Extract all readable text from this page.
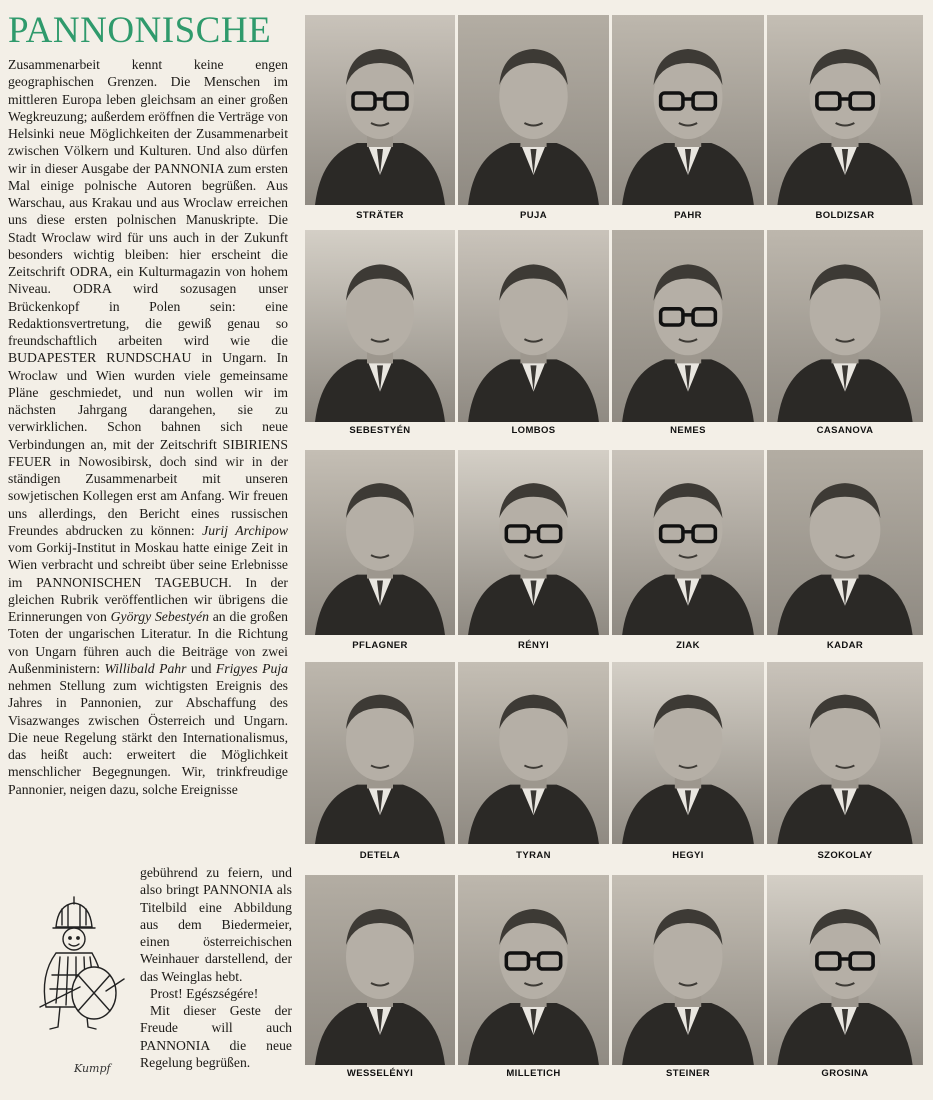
PANNONISCHE

Zusammenarbeit kennt keine engen geographischen Grenzen. Die Menschen im mittleren Europa leben gleichsam an einer großen Wegkreuzung; außerdem eröffnen die Verträge von Helsinki neue Möglichkeiten der Zusammenarbeit zwischen Völkern und Kulturen. Und also dürfen wir in dieser Ausgabe der PANNONIA zum ersten Mal einige polnische Autoren begrüßen. Aus Warschau, aus Krakau und aus Wroclaw erreichen uns diese ersten polnischen Manuskripte. Die Stadt Wroclaw wird für uns auch in der Zukunft besonders wichtig bleiben: hier erscheint die Zeitschrift ODRA, ein Kulturmagazin von hohem Niveau. ODRA wird sozusagen unser Brückenkopf in Polen sein: eine Redaktionsvertretung, die gewiß genau so freundschaftlich arbeiten wird wie die BUDAPESTER RUNDSCHAU in Ungarn. In Wroclaw und Wien wurden viele gemeinsame Pläne geschmiedet, und nun wollen wir im nächsten Jahrgang darangehen, sie zu verwirklichen. Schon bahnen sich neue Verbindungen an, mit der Zeitschrift SIBIRIENS FEUER in Nowosibirsk, doch sind wir in der ständigen Zusammenarbeit mit unseren sowjetischen Kollegen erst am Anfang. Wir freuen uns allerdings, den Bericht eines russischen Freundes abdrucken zu können: Jurij Archipow vom Gorkij-Institut in Moskau hatte einige Zeit in Wien verbracht und schreibt über seine Erlebnisse im PANNONISCHEN TAGEBUCH. In der gleichen Rubrik veröffentlichen wir übrigens die Erinnerungen von György Sebestyén an die großen Toten der ungarischen Literatur. In die Richtung von Ungarn führen auch die Beiträge von zwei Außenministern: Willibald Pahr und Frigyes Puja nehmen Stellung zum wichtigsten Ereignis des Jahres in Pannonien, zur Abschaffung des Visazwanges zwischen Österreich und Ungarn. Die neue Regelung stärkt den Internationalismus, das heißt auch: erweitert die Möglichkeit menschlicher Begegnungen. Wir, trinkfreudige Pannonier, neigen dazu, solche Ereignisse

gebührend zu feiern, und also bringt PANNONIA als Titelbild eine Abbildung aus dem Biedermeier, einen österreichischen Weinhauer darstellend, der das Weinglas hebt.

Prost! Egészségére!

Mit dieser Geste der Freude will auch PANNONIA die neue Regelung begrüßen.

Kumpf
STRÄTER	PUJA	PAHR	BOLDIZSAR
SEBESTYÉN	LOMBOS	NEMES	CASANOVA
PFLAGNER	RÉNYI	ZIAK	KADAR
DETELA	TYRAN	HEGYI	SZOKOLAY
WESSELÉNYI	MILLETICH	STEINER	GROSINA
